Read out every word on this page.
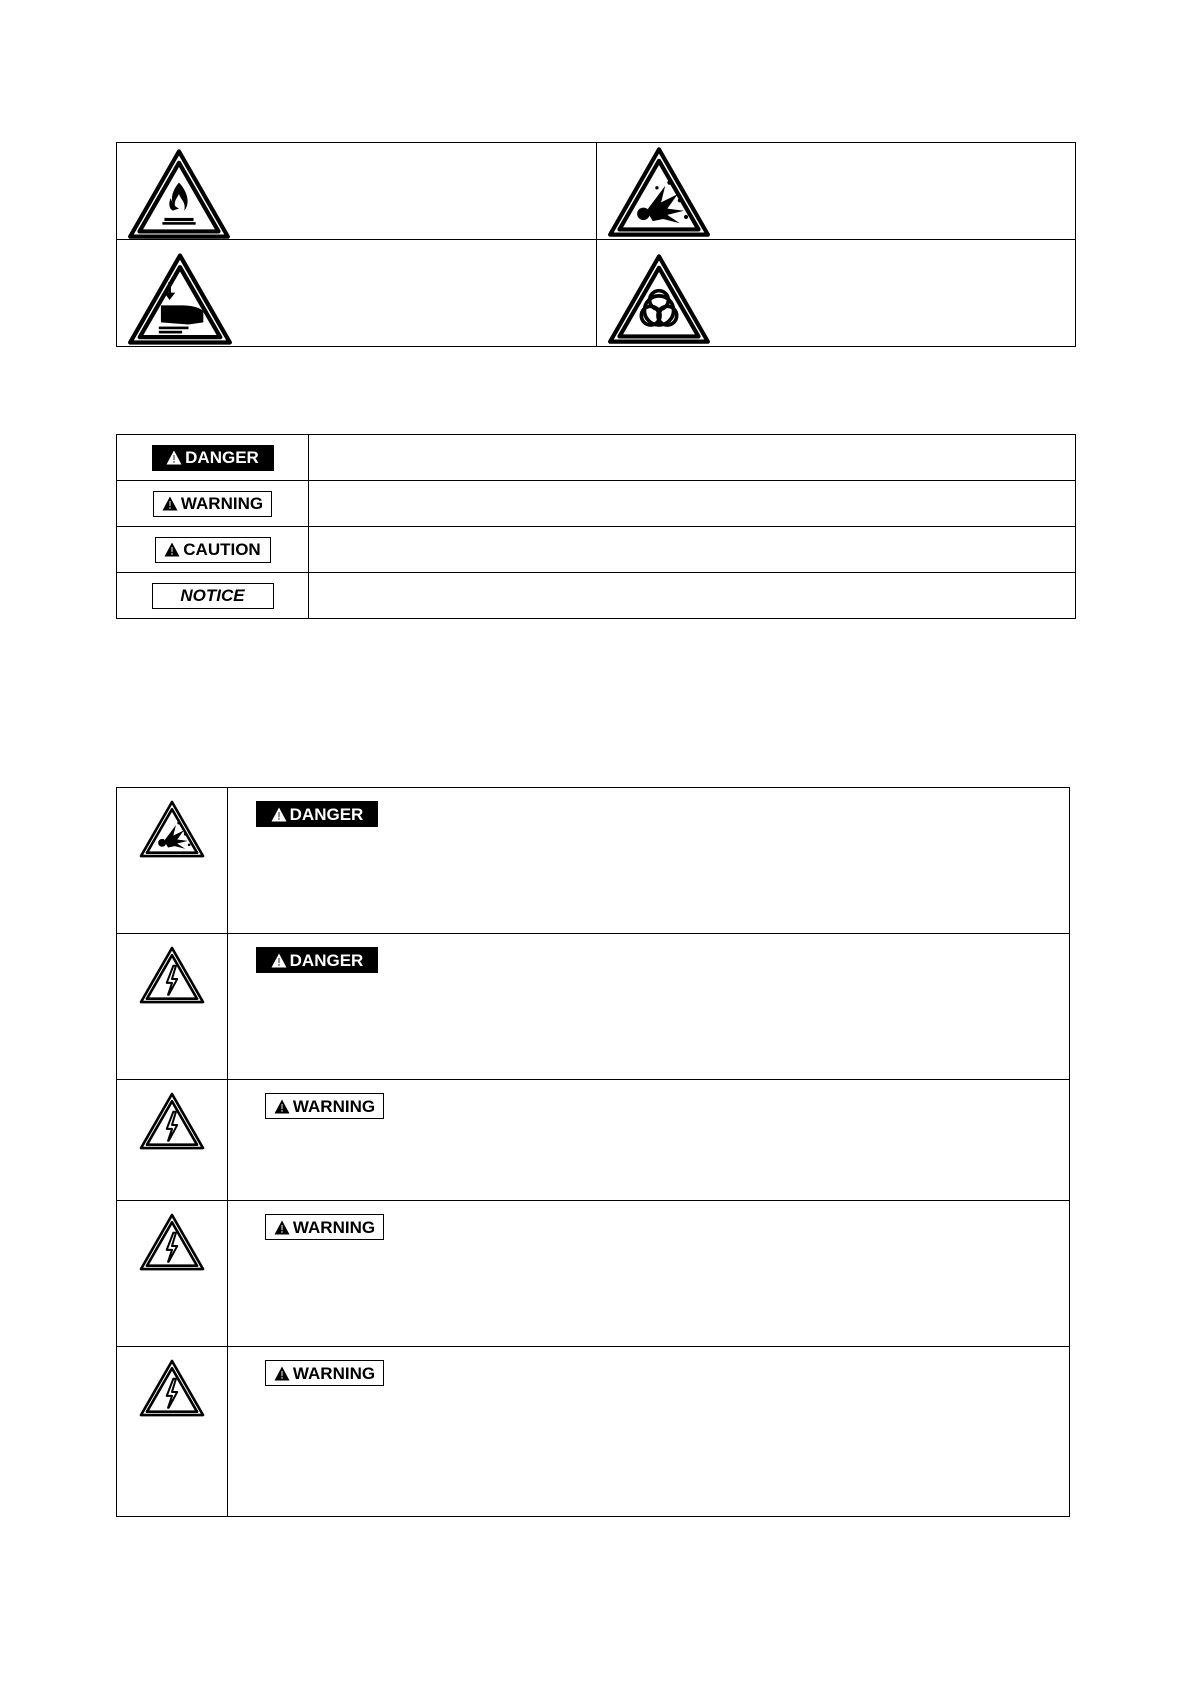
DANGER	

WARNING	

CAUTION	

NOTICE	

DANGER

DANGER

WARNING

WARNING

WARNING
